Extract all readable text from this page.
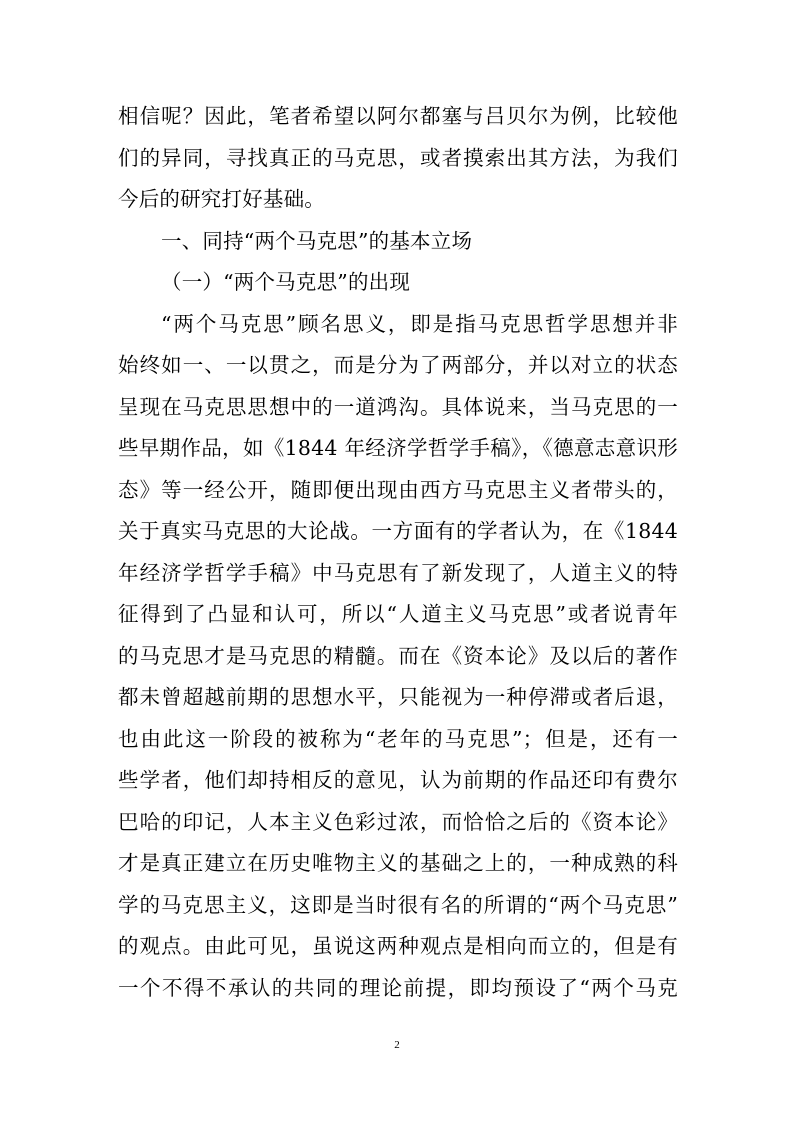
相信呢？因此，笔者希望以阿尔都塞与吕贝尔为例，比较他
们的异同，寻找真正的马克思，或者摸索出其方法，为我们
今后的研究打好基础。
一、同持“两个马克思”的基本立场
（一）“两个马克思”的出现
“两个马克思”顾名思义，即是指马克思哲学思想并非
始终如一、一以贯之，而是分为了两部分，并以对立的状态
呈现在马克思思想中的一道鸿沟。具体说来，当马克思的一
些早期作品，如《1844 年经济学哲学手稿》，《德意志意识形
态》等一经公开，随即便出现由西方马克思主义者带头的，
关于真实马克思的大论战。一方面有的学者认为，在《1844
年经济学哲学手稿》中马克思有了新发现了，人道主义的特
征得到了凸显和认可，所以“人道主义马克思”或者说青年
的马克思才是马克思的精髓。而在《资本论》及以后的著作
都未曾超越前期的思想水平，只能视为一种停滞或者后退，
也由此这一阶段的被称为“老年的马克思”；但是，还有一
些学者，他们却持相反的意见，认为前期的作品还印有费尔
巴哈的印记，人本主义色彩过浓，而恰恰之后的《资本论》
才是真正建立在历史唯物主义的基础之上的，一种成熟的科
学的马克思主义，这即是当时很有名的所谓的“两个马克思”
的观点。由此可见，虽说这两种观点是相向而立的，但是有
一个不得不承认的共同的理论前提，即均预设了“两个马克
2
